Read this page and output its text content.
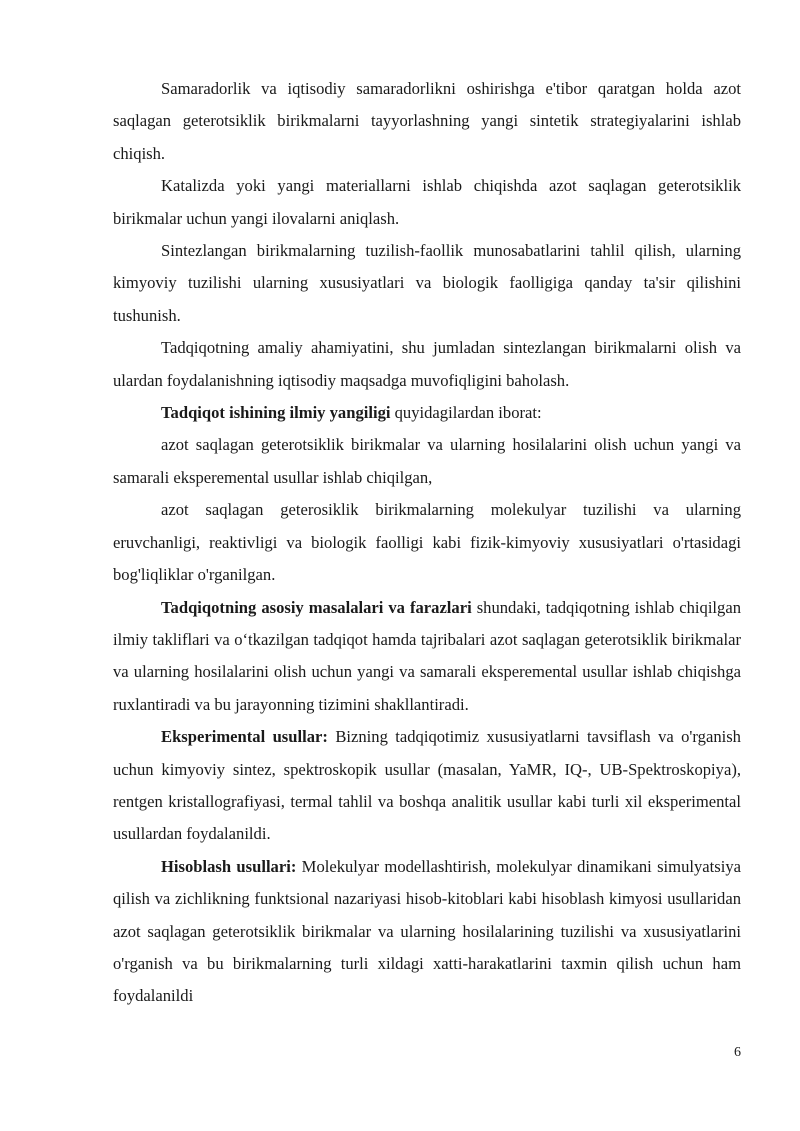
Samaradorlik va iqtisodiy samaradorlikni oshirishga e'tibor qaratgan holda azot saqlagan geterotsiklik birikmalarni tayyorlashning yangi sintetik strategiyalarini ishlab chiqish.

Katalizda yoki yangi materiallarni ishlab chiqishda azot saqlagan geterotsiklik birikmalar uchun yangi ilovalarni aniqlash.

Sintezlangan birikmalarning tuzilish-faollik munosabatlarini tahlil qilish, ularning kimyoviy tuzilishi ularning xususiyatlari va biologik faolligiga qanday ta'sir qilishini tushunish.

Tadqiqotning amaliy ahamiyatini, shu jumladan sintezlangan birikmalarni olish va ulardan foydalanishning iqtisodiy maqsadga muvofiqligini baholash.

Tadqiqot ishining ilmiy yangiligi quyidagilardan iborat:

azot saqlagan geterotsiklik birikmalar va ularning hosilalarini olish uchun yangi va samarali eksperemental usullar ishlab chiqilgan,

azot saqlagan geterosiklik birikmalarning molekulyar tuzilishi va ularning eruvchanligi, reaktivligi va biologik faolligi kabi fizik-kimyoviy xususiyatlari o'rtasidagi bog'liqliklar o'rganilgan.

Tadqiqotning asosiy masalalari va farazlari shundaki, tadqiqotning ishlab chiqilgan ilmiy takliflari va o‘tkazilgan tadqiqot hamda tajribalari azot saqlagan geterotsiklik birikmalar va ularning hosilalarini olish uchun yangi va samarali eksperemental usullar ishlab chiqishga ruxlantiradi va bu jarayonning tizimini shakllantiradi.

Eksperimental usullar: Bizning tadqiqotimiz xususiyatlarni tavsiflash va o'rganish uchun kimyoviy sintez, spektroskopik usullar (masalan, YaMR, IQ-, UB-Spektroskopiya), rentgen kristallografiyasi, termal tahlil va boshqa analitik usullar kabi turli xil eksperimental usullardan foydalanildi.

Hisoblash usullari: Molekulyar modellashtirish, molekulyar dinamikani simulyatsiya qilish va zichlikning funktsional nazariyasi hisob-kitoblari kabi hisoblash kimyosi usullaridan azot saqlagan geterotsiklik birikmalar va ularning hosilalarining tuzilishi va xususiyatlarini o'rganish va bu birikmalarning turli xildagi xatti-harakatlarini taxmin qilish uchun ham foydalanildi

6
